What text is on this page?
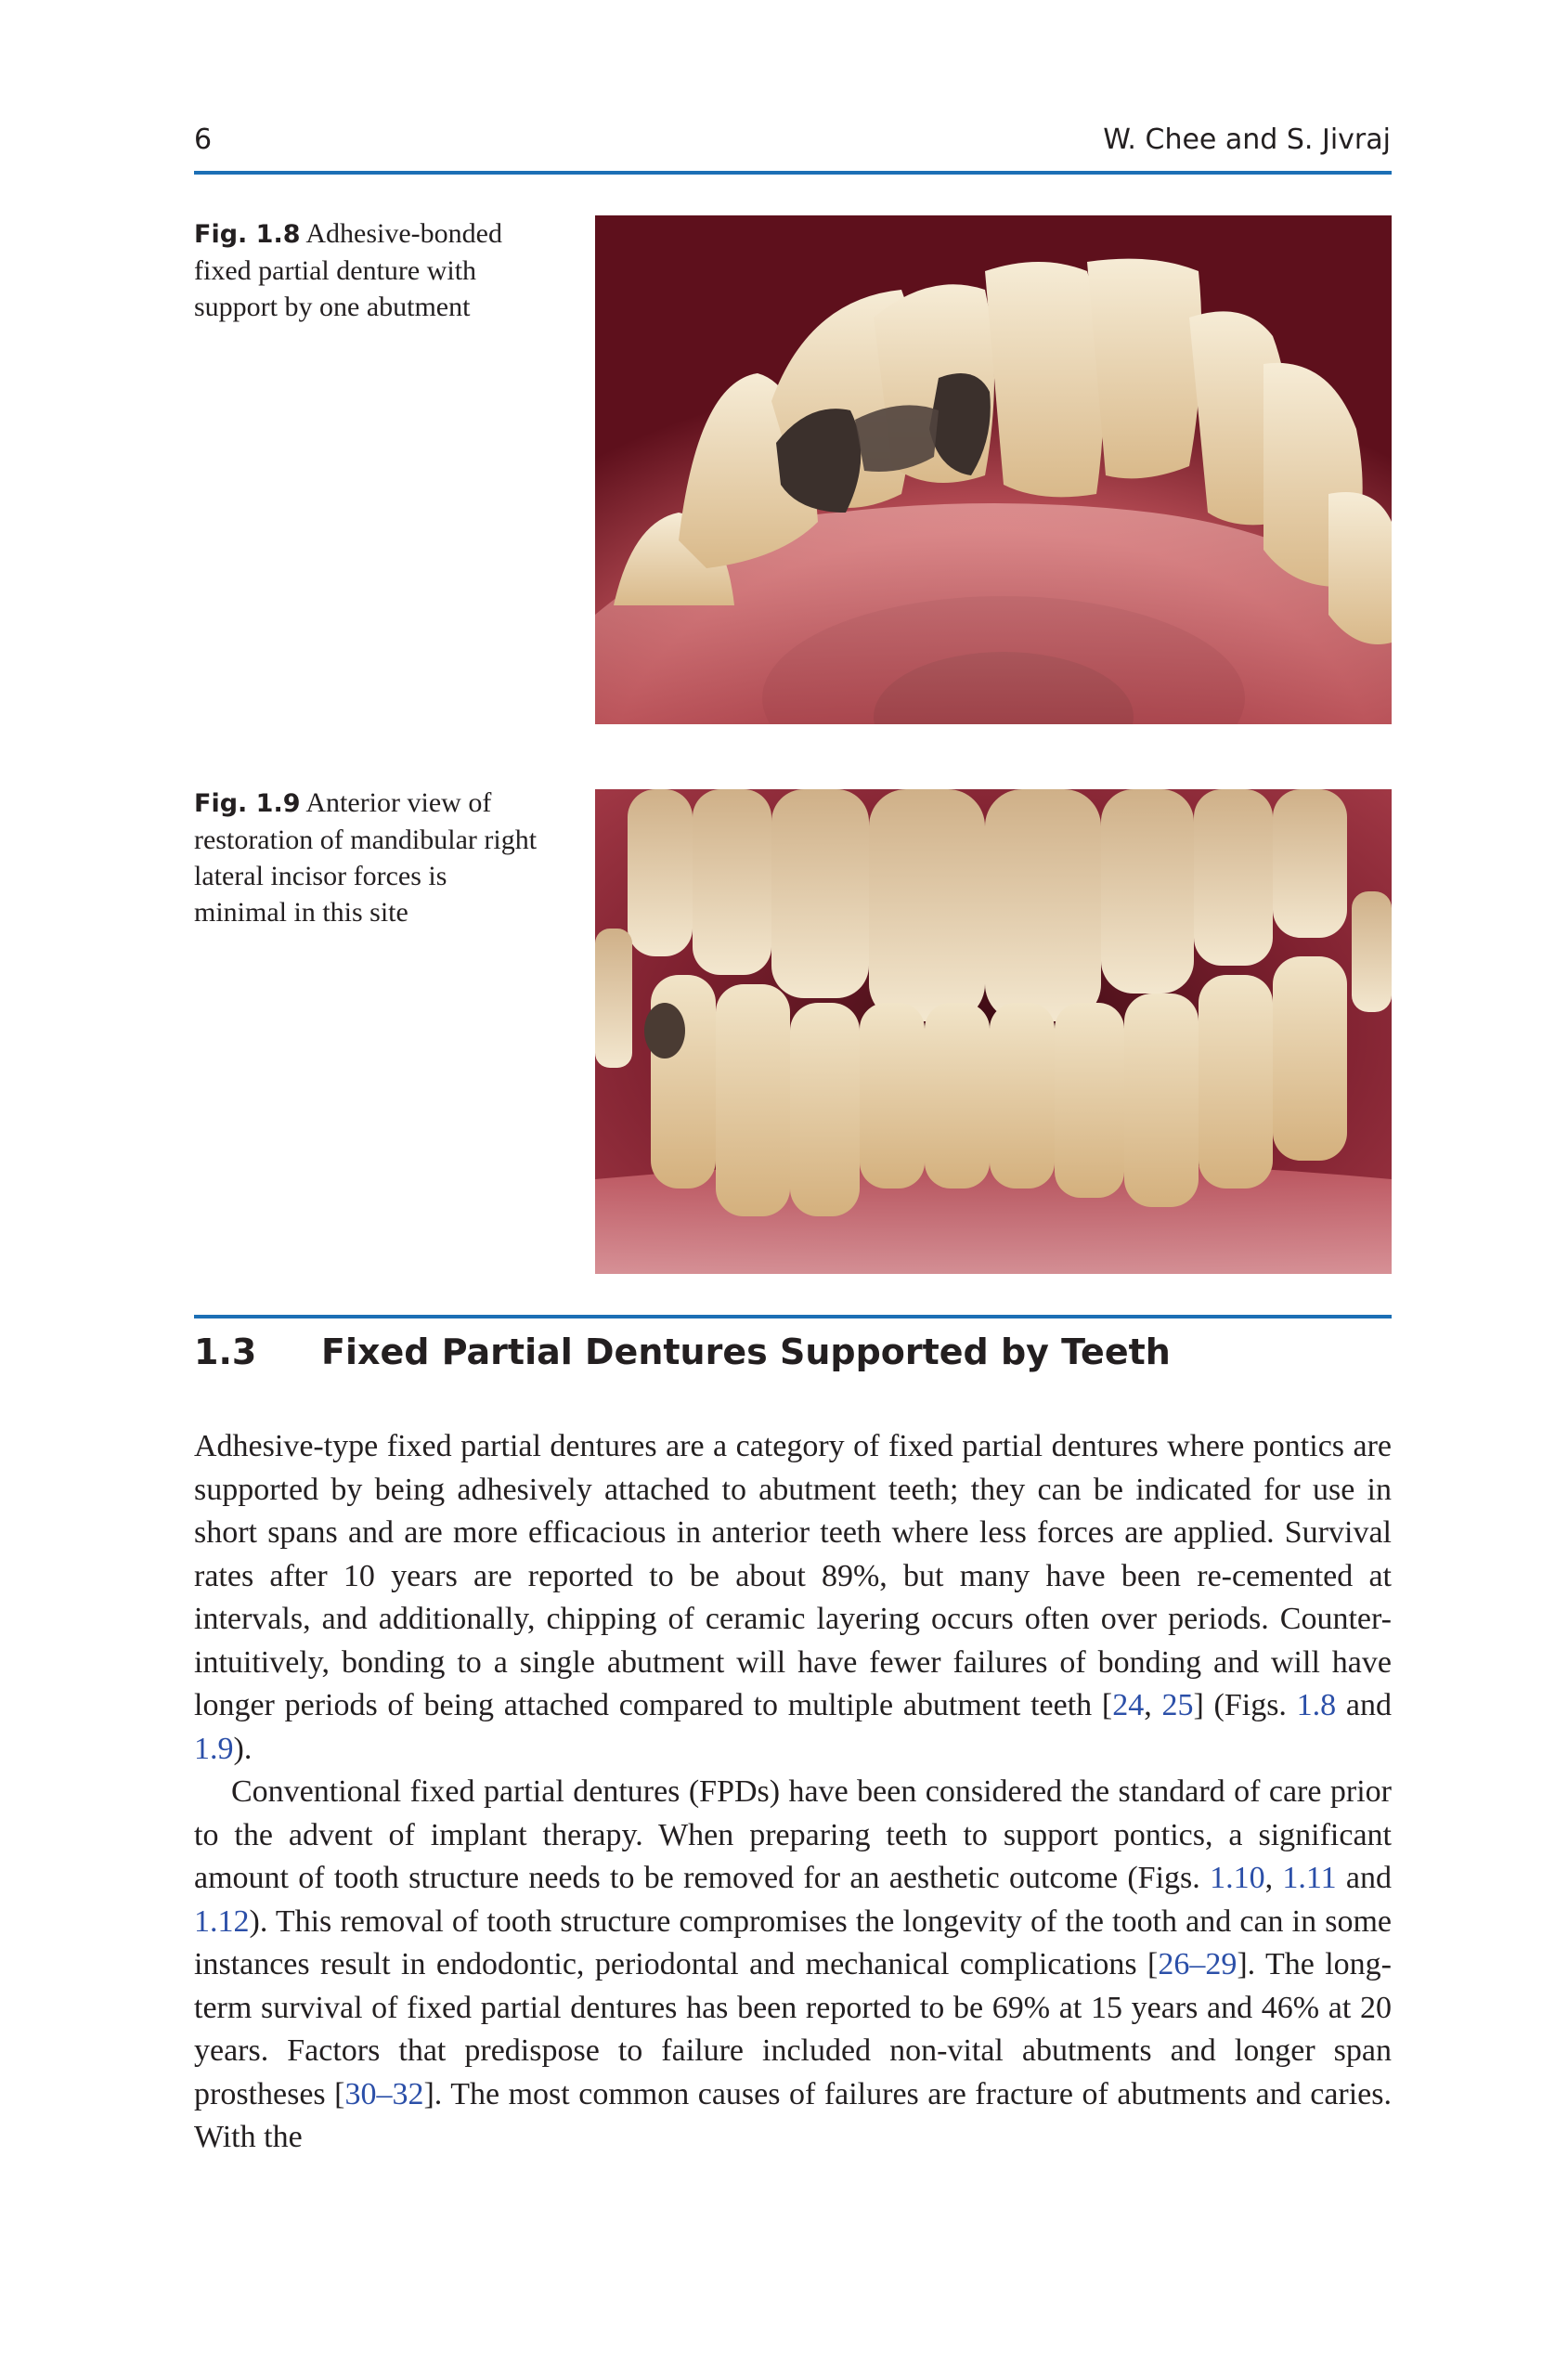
6	W. Chee and S. Jivraj
Fig. 1.8 Adhesive-bonded fixed partial denture with support by one abutment
Fig. 1.9 Anterior view of restoration of mandibular right lateral incisor forces is minimal in this site
1.3 Fixed Partial Dentures Supported by Teeth

Adhesive-type fixed partial dentures are a category of fixed partial dentures where pontics are supported by being adhesively attached to abutment teeth; they can be indicated for use in short spans and are more efficacious in anterior teeth where less forces are applied. Survival rates after 10 years are reported to be about 89%, but many have been re-cemented at intervals, and additionally, chipping of ceramic layering occurs often over periods. Counter-intuitively, bonding to a single abutment will have fewer failures of bonding and will have longer periods of being attached compared to multiple abutment teeth [24, 25] (Figs. 1.8 and 1.9).

Conventional fixed partial dentures (FPDs) have been considered the standard of care prior to the advent of implant therapy. When preparing teeth to support pontics, a significant amount of tooth structure needs to be removed for an aesthetic outcome (Figs. 1.10, 1.11 and 1.12). This removal of tooth structure compromises the longevity of the tooth and can in some instances result in endodontic, periodontal and mechanical complications [26–29]. The long-term survival of fixed partial dentures has been reported to be 69% at 15 years and 46% at 20 years. Factors that predispose to failure included non-vital abutments and longer span prostheses [30–32]. The most common causes of failures are fracture of abutments and caries. With the
